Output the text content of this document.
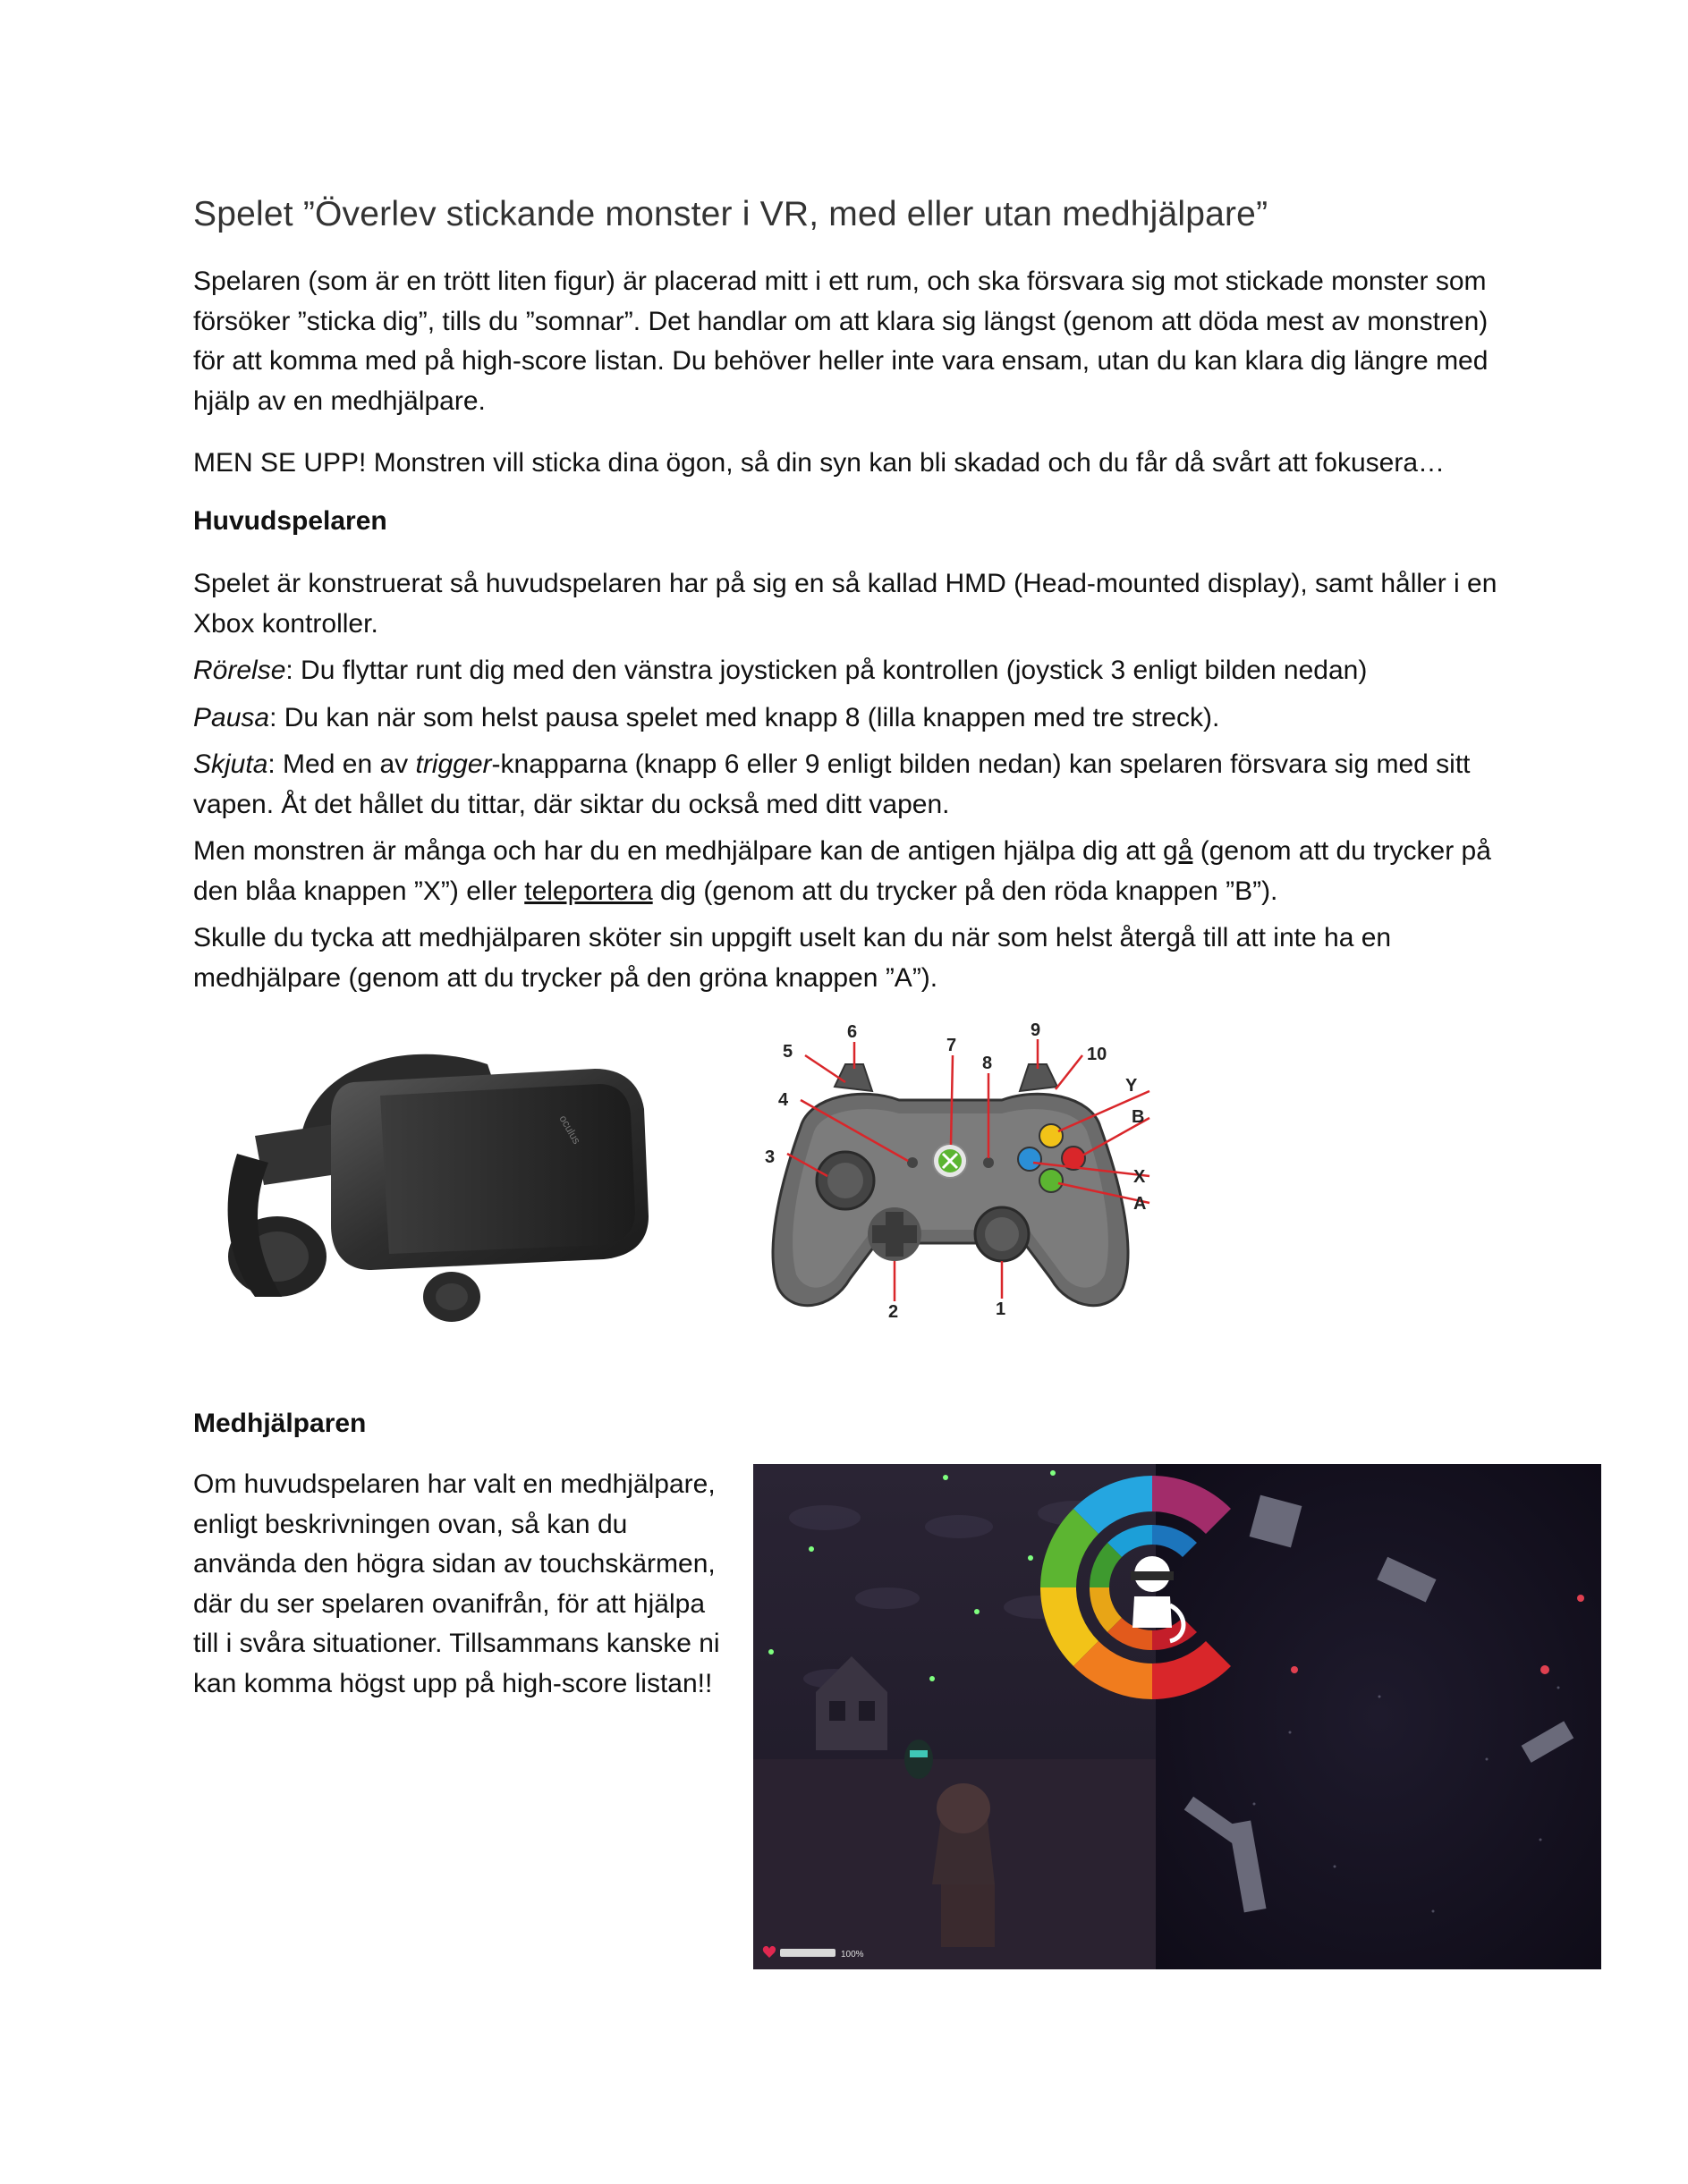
Spelet ”Överlev stickande monster i VR, med eller utan medhjälpare”

Spelaren (som är en trött liten figur) är placerad mitt i ett rum, och ska försvara sig mot stickade monster som försöker ”sticka dig”, tills du ”somnar”. Det handlar om att klara sig längst (genom att döda mest av monstren) för att komma med på high-score listan. Du behöver heller inte vara ensam, utan du kan klara dig längre med hjälp av en medhjälpare.

MEN SE UPP! Monstren vill sticka dina ögon, så din syn kan bli skadad och du får då svårt att fokusera…

Huvudspelaren

Spelet är konstruerat så huvudspelaren har på sig en så kallad HMD (Head-mounted display), samt håller i en Xbox kontroller.

Rörelse: Du flyttar runt dig med den vänstra joysticken på kontrollen (joystick 3 enligt bilden nedan)

Pausa: Du kan när som helst pausa spelet med knapp 8 (lilla knappen med tre streck).

Skjuta: Med en av trigger-knapparna (knapp 6 eller 9 enligt bilden nedan) kan spelaren försvara sig med sitt vapen. Åt det hållet du tittar, där siktar du också med ditt vapen.

Men monstren är många och har du en medhjälpare kan de antigen hjälpa dig att gå (genom att du trycker på den blåa knappen ”X”) eller teleportera dig (genom att du trycker på den röda knappen ”B”).

Skulle du tycka att medhjälparen sköter sin uppgift uselt kan du när som helst återgå till att inte ha en medhjälpare (genom att du trycker på den gröna knappen ”A”).

oculus
6
5
4
3
7
8
9
10
Y
B
X
A
2	1
Medhjälparen
Om huvudspelaren har valt en medhjälpare, enligt beskrivningen ovan, så kan du använda den högra sidan av touchskärmen, där du ser spelaren ovanifrån, för att hjälpa till i svåra situationer. Tillsammans kanske ni kan komma högst upp på high-score listan!!
100%
